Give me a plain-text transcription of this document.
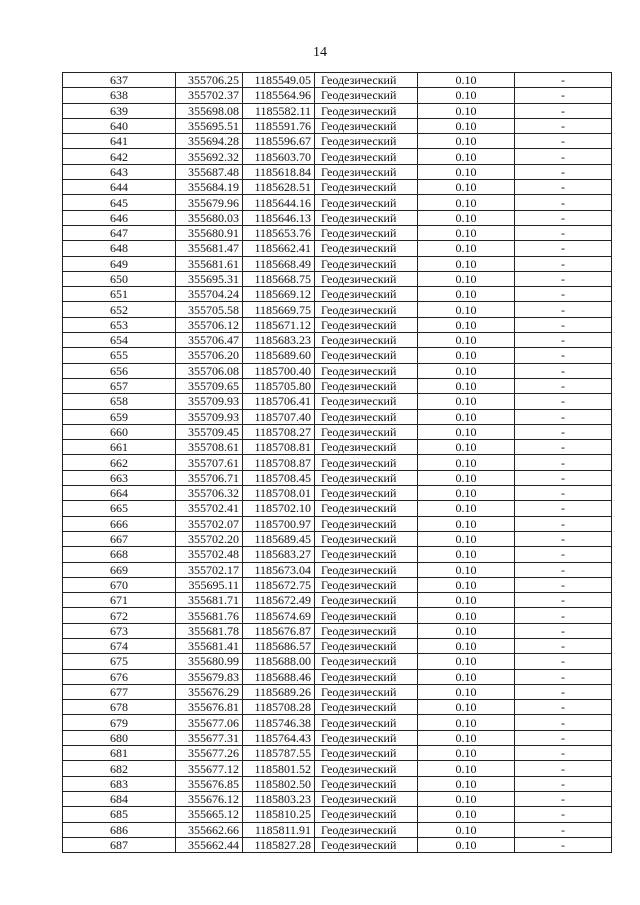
14
637	355706.25	1185549.05	Геодезический	0.10	-
638	355702.37	1185564.96	Геодезический	0.10	-
639	355698.08	1185582.11	Геодезический	0.10	-
640	355695.51	1185591.76	Геодезический	0.10	-
641	355694.28	1185596.67	Геодезический	0.10	-
642	355692.32	1185603.70	Геодезический	0.10	-
643	355687.48	1185618.84	Геодезический	0.10	-
644	355684.19	1185628.51	Геодезический	0.10	-
645	355679.96	1185644.16	Геодезический	0.10	-
646	355680.03	1185646.13	Геодезический	0.10	-
647	355680.91	1185653.76	Геодезический	0.10	-
648	355681.47	1185662.41	Геодезический	0.10	-
649	355681.61	1185668.49	Геодезический	0.10	-
650	355695.31	1185668.75	Геодезический	0.10	-
651	355704.24	1185669.12	Геодезический	0.10	-
652	355705.58	1185669.75	Геодезический	0.10	-
653	355706.12	1185671.12	Геодезический	0.10	-
654	355706.47	1185683.23	Геодезический	0.10	-
655	355706.20	1185689.60	Геодезический	0.10	-
656	355706.08	1185700.40	Геодезический	0.10	-
657	355709.65	1185705.80	Геодезический	0.10	-
658	355709.93	1185706.41	Геодезический	0.10	-
659	355709.93	1185707.40	Геодезический	0.10	-
660	355709.45	1185708.27	Геодезический	0.10	-
661	355708.61	1185708.81	Геодезический	0.10	-
662	355707.61	1185708.87	Геодезический	0.10	-
663	355706.71	1185708.45	Геодезический	0.10	-
664	355706.32	1185708.01	Геодезический	0.10	-
665	355702.41	1185702.10	Геодезический	0.10	-
666	355702.07	1185700.97	Геодезический	0.10	-
667	355702.20	1185689.45	Геодезический	0.10	-
668	355702.48	1185683.27	Геодезический	0.10	-
669	355702.17	1185673.04	Геодезический	0.10	-
670	355695.11	1185672.75	Геодезический	0.10	-
671	355681.71	1185672.49	Геодезический	0.10	-
672	355681.76	1185674.69	Геодезический	0.10	-
673	355681.78	1185676.87	Геодезический	0.10	-
674	355681.41	1185686.57	Геодезический	0.10	-
675	355680.99	1185688.00	Геодезический	0.10	-
676	355679.83	1185688.46	Геодезический	0.10	-
677	355676.29	1185689.26	Геодезический	0.10	-
678	355676.81	1185708.28	Геодезический	0.10	-
679	355677.06	1185746.38	Геодезический	0.10	-
680	355677.31	1185764.43	Геодезический	0.10	-
681	355677.26	1185787.55	Геодезический	0.10	-
682	355677.12	1185801.52	Геодезический	0.10	-
683	355676.85	1185802.50	Геодезический	0.10	-
684	355676.12	1185803.23	Геодезический	0.10	-
685	355665.12	1185810.25	Геодезический	0.10	-
686	355662.66	1185811.91	Геодезический	0.10	-
687	355662.44	1185827.28	Геодезический	0.10	-
